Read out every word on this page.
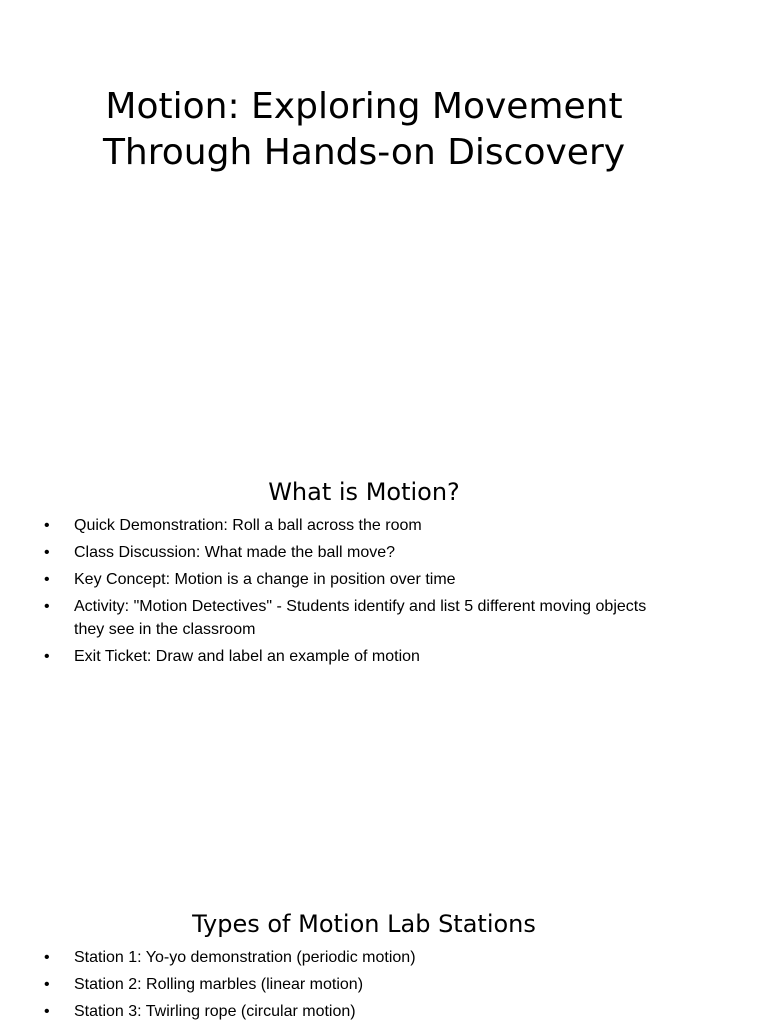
Motion: Exploring Movement
Through Hands-on Discovery
What is Motion?
• Quick Demonstration: Roll a ball across the room
• Class Discussion: What made the ball move?
• Key Concept: Motion is a change in position over time
• Activity: "Motion Detectives" - Students identify and list 5 different moving objects they see in the classroom
• Exit Ticket: Draw and label an example of motion
Types of Motion Lab Stations
• Station 1: Yo-yo demonstration (periodic motion)
• Station 2: Rolling marbles (linear motion)
• Station 3: Twirling rope (circular motion)
